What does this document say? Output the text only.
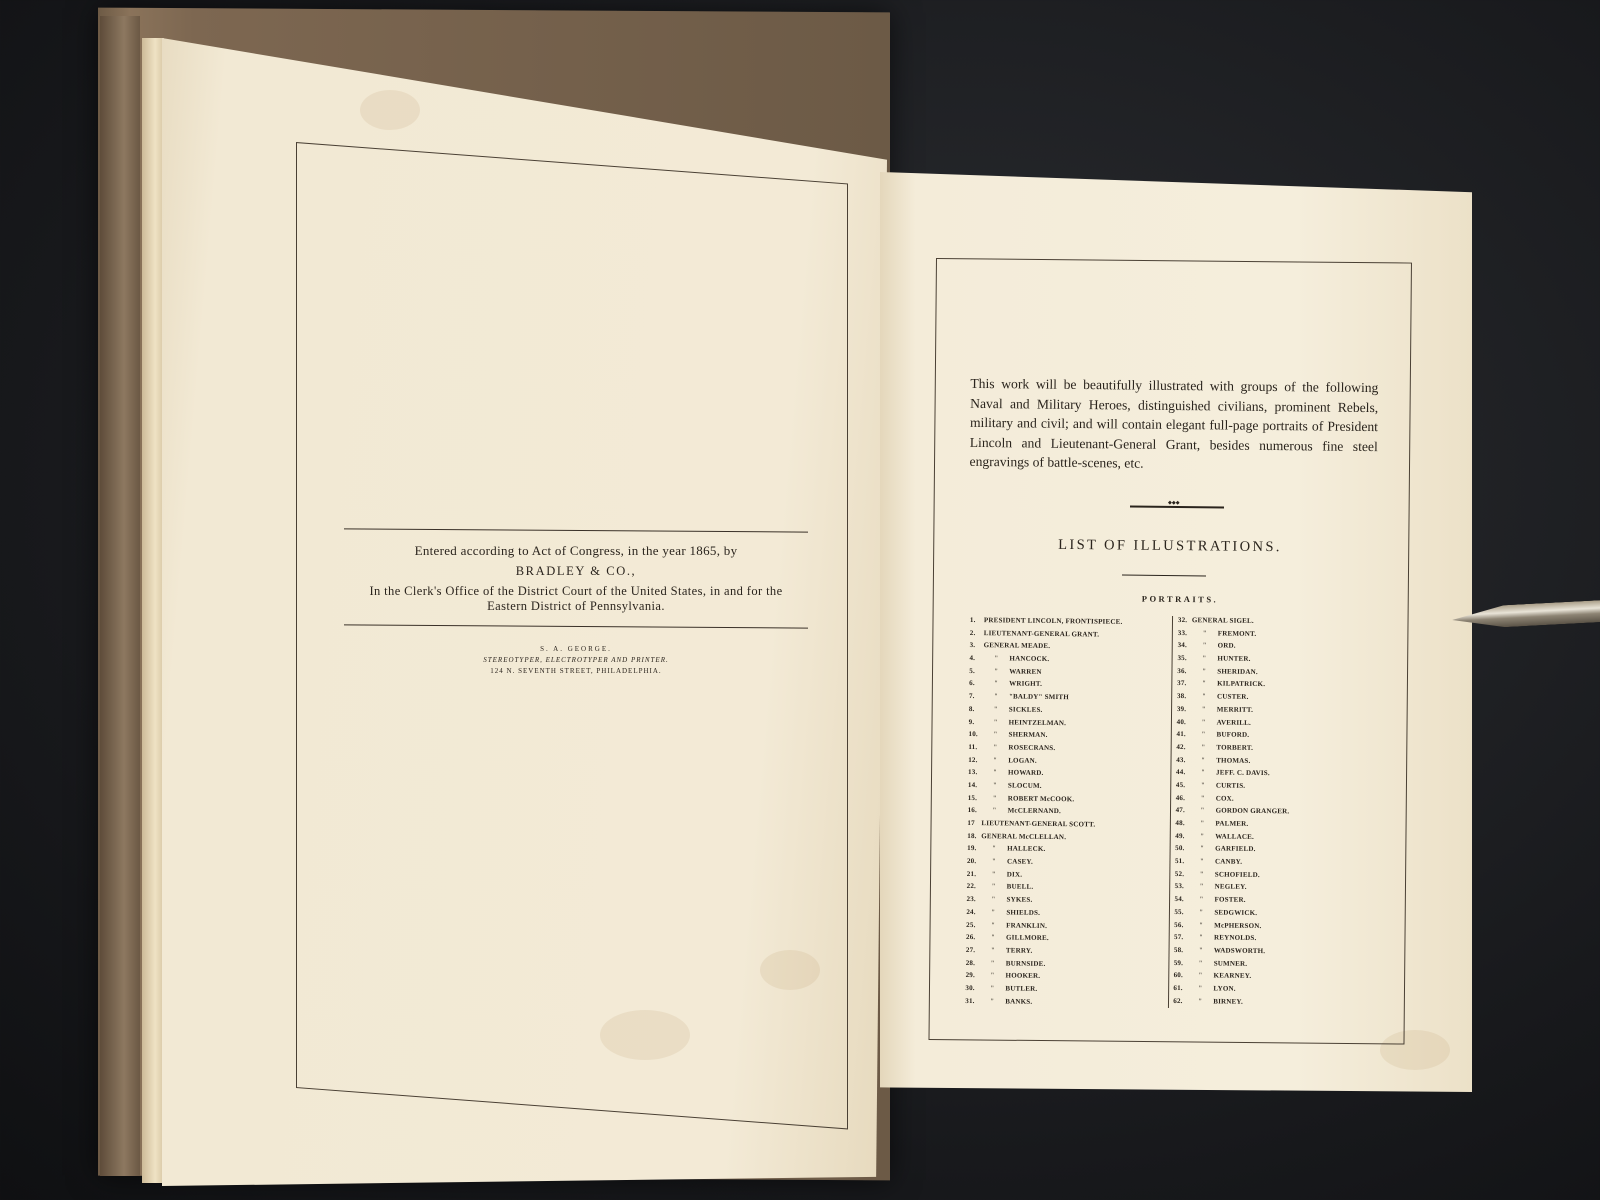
Entered according to Act of Congress, in the year 1865, by
BRADLEY & CO.,
In the Clerk's Office of the District Court of the United States, in and for the
Eastern District of Pennsylvania.
S. A. GEORGE.
STEREOTYPER, ELECTROTYPER AND PRINTER.
124 N. SEVENTH STREET, PHILADELPHIA.
This work will be beautifully illustrated with groups of the following Naval and Military Heroes, distinguished civilians, prominent Rebels, military and civil; and will contain elegant full-page portraits of President Lincoln and Lieutenant-General Grant, besides numerous fine steel engravings of battle-scenes, etc.
◆◆◆
LIST OF ILLUSTRATIONS.
PORTRAITS.
1. PRESIDENT LINCOLN, FRONTISPIECE.
2. LIEUTENANT-GENERAL GRANT.
3. GENERAL MEADE.
4.	" HANCOCK.
5.	" WARREN
6.	" WRIGHT.
7.	" "BALDY" SMITH
8.	" SICKLES.
9.	" HEINTZELMAN.
10. " SHERMAN.
11. " ROSECRANS.
12. " LOGAN.
13. " HOWARD.
14. " SLOCUM.
15. " ROBERT McCOOK.
16. " McCLERNAND.
17 LIEUTENANT-GENERAL SCOTT.
18. GENERAL McCLELLAN.
19. " HALLECK.
20. " CASEY.
21. " DIX.
22. " BUELL.
23. " SYKES.
24. " SHIELDS.
25. " FRANKLIN.
26. " GILLMORE.
27. " TERRY.
28. " BURNSIDE.
29. " HOOKER.
30. " BUTLER.
31. " BANKS.
32. GENERAL SIGEL.
33. " FREMONT.
34. " ORD.
35. " HUNTER.
36. " SHERIDAN.
37. " KILPATRICK.
38. " CUSTER.
39. " MERRITT.
40. " AVERILL.
41. " BUFORD.
42. " TORBERT.
43. " THOMAS.
44. " JEFF. C. DAVIS.
45. " CURTIS.
46. " COX.
47. " GORDON GRANGER.
48. " PALMER.
49. " WALLACE.
50. " GARFIELD.
51. " CANBY.
52. " SCHOFIELD.
53. " NEGLEY.
54. " FOSTER.
55. " SEDGWICK.
56. " McPHERSON.
57. " REYNOLDS.
58. " WADSWORTH.
59. " SUMNER.
60. " KEARNEY.
61. " LYON.
62. " BIRNEY.
